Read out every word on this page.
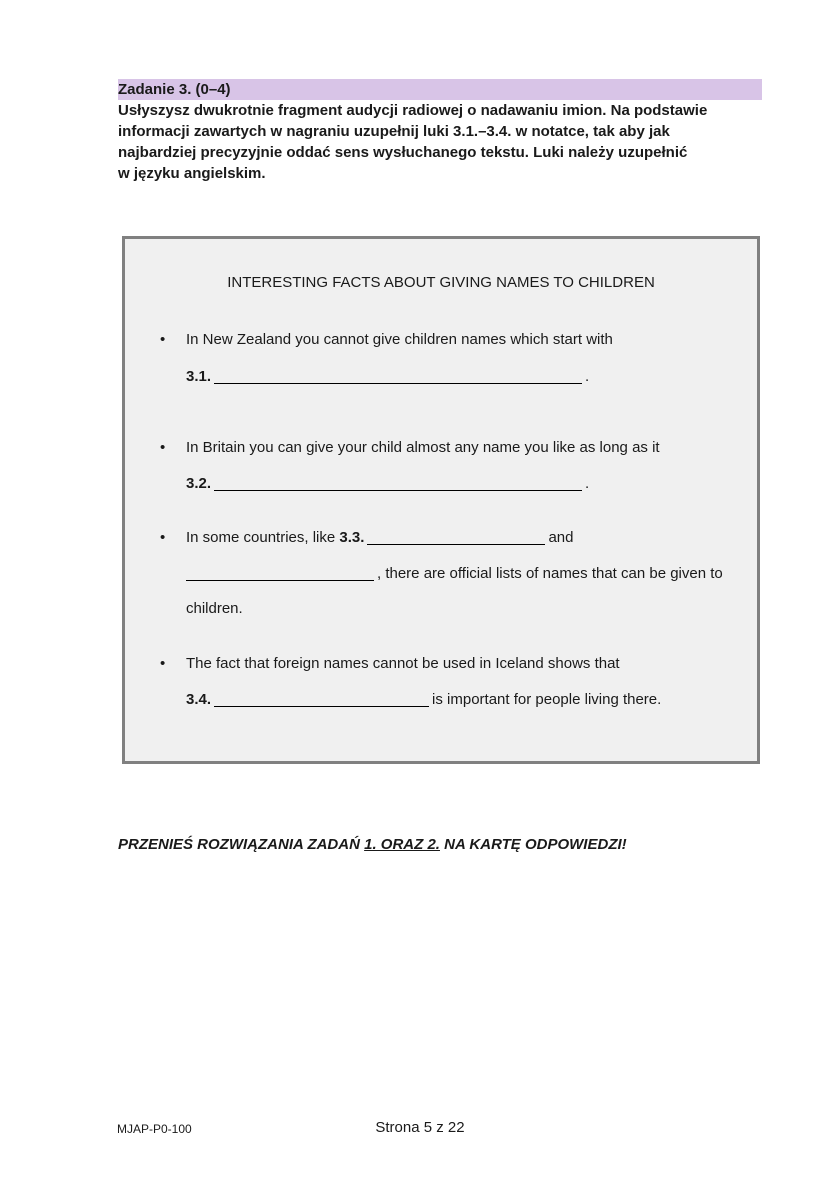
Zadanie 3. (0–4)
Usłyszysz dwukrotnie fragment audycji radiowej o nadawaniu imion. Na podstawie
informacji zawartych w nagraniu uzupełnij luki 3.1.–3.4. w notatce, tak aby jak
najbardziej precyzyjnie oddać sens wysłuchanego tekstu. Luki należy uzupełnić
w języku angielskim.
INTERESTING FACTS ABOUT GIVING NAMES TO CHILDREN
•	In New Zealand you cannot give children names which start with
3.1.	.
•	In Britain you can give your child almost any name you like as long as it
3.2.	.
•	In some countries, like 3.3.	and
, there are official lists of names that can be given to
children.
•	The fact that foreign names cannot be used in Iceland shows that
3.4.	is important for people living there.
PRZENIEŚ ROZWIĄZANIA ZADAŃ 1. ORAZ 2. NA KARTĘ ODPOWIEDZI!
MJAP-P0-100	Strona 5 z 22
